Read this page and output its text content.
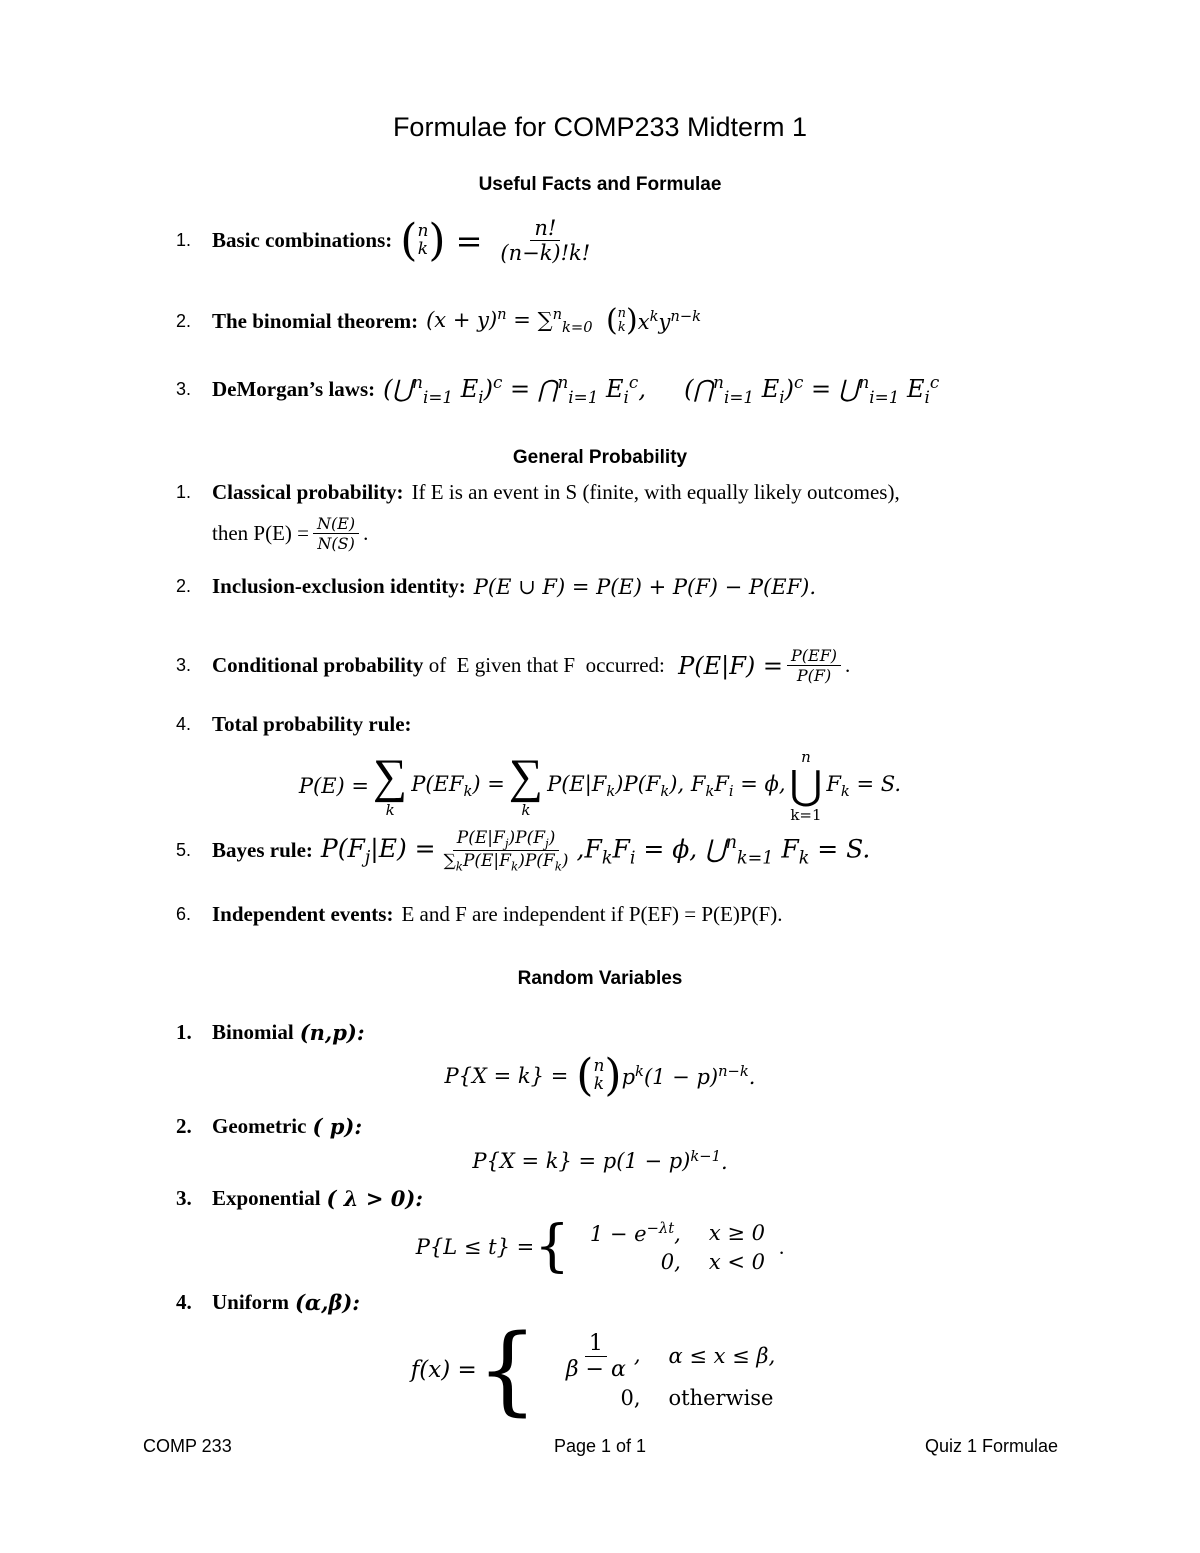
Formulae for COMP233 Midterm 1
Useful Facts and Formulae
1. Basic combinations: ( n
k ) = $\frac{n!}{(n-k)!k!}$
2. The binomial theorem: $(x + y)^n = \sum^n_{k=0}$ ( n
k ) $x^ky^{n-k}$
3. DeMorgan’s laws: (⋃$^n_{i=1}$ $E_i)^c$ = ⋂$^n_{i=1}$ $E_i^c$,     (⋂$^n_{i=1}$ $E_i)^c$ = ⋃$^n_{i=1}$ $E_i^c$
General Probability
1. Classical probability: If E is an event in S (finite, with equally likely outcomes),
then $P(E) = \frac{N(E)}{N(S)}$ .
2. Inclusion-exclusion identity: P(E ∪ F) = P(E) + P(F) − P(EF).
3. Conditional probability of  E given that F  occurred: $P(E|F) = \frac{P(EF)}{P(F)}$ .
4. Total probability rule:
P(E) = ∑
k
$P(EF_k)$ = ∑
k
$P(E|F_k)P(F_k)$, $F_kF_i = \phi$,
n
⋃
k=1
$F_k = S$.
5. Bayes rule: $P(F_j|E) = \frac{P(E|F_j)P(F_j)}{\sum_kP(E|F_k)P(F_k)} ,F_kF_i = \phi$, ⋃$^n_{k=1}$ $F_k = S$.
6. Independent events: E and F are independent if P(EF) = P(E)P(F).
Random Variables
1. Binomial (n,p):
P{X = k} = ( n
k ) $p^k(1 - p)^{n-k}$.
2. Geometric ( p):
P{X = k} = p(1 − p) $^{k-1}$.
3. Exponential ( λ > 0):
P{L ≤ t} = { $1 - e^{-\lambda t}$,	x ≥ 0
0,	x < 0
.
4. Uniform (α,β):
f(x) = { $\frac{1}{\beta - \alpha}$ ,	α ≤ x ≤ β,
0,	otherwise
COMP 233	Page 1 of 1	Quiz 1 Formulae
